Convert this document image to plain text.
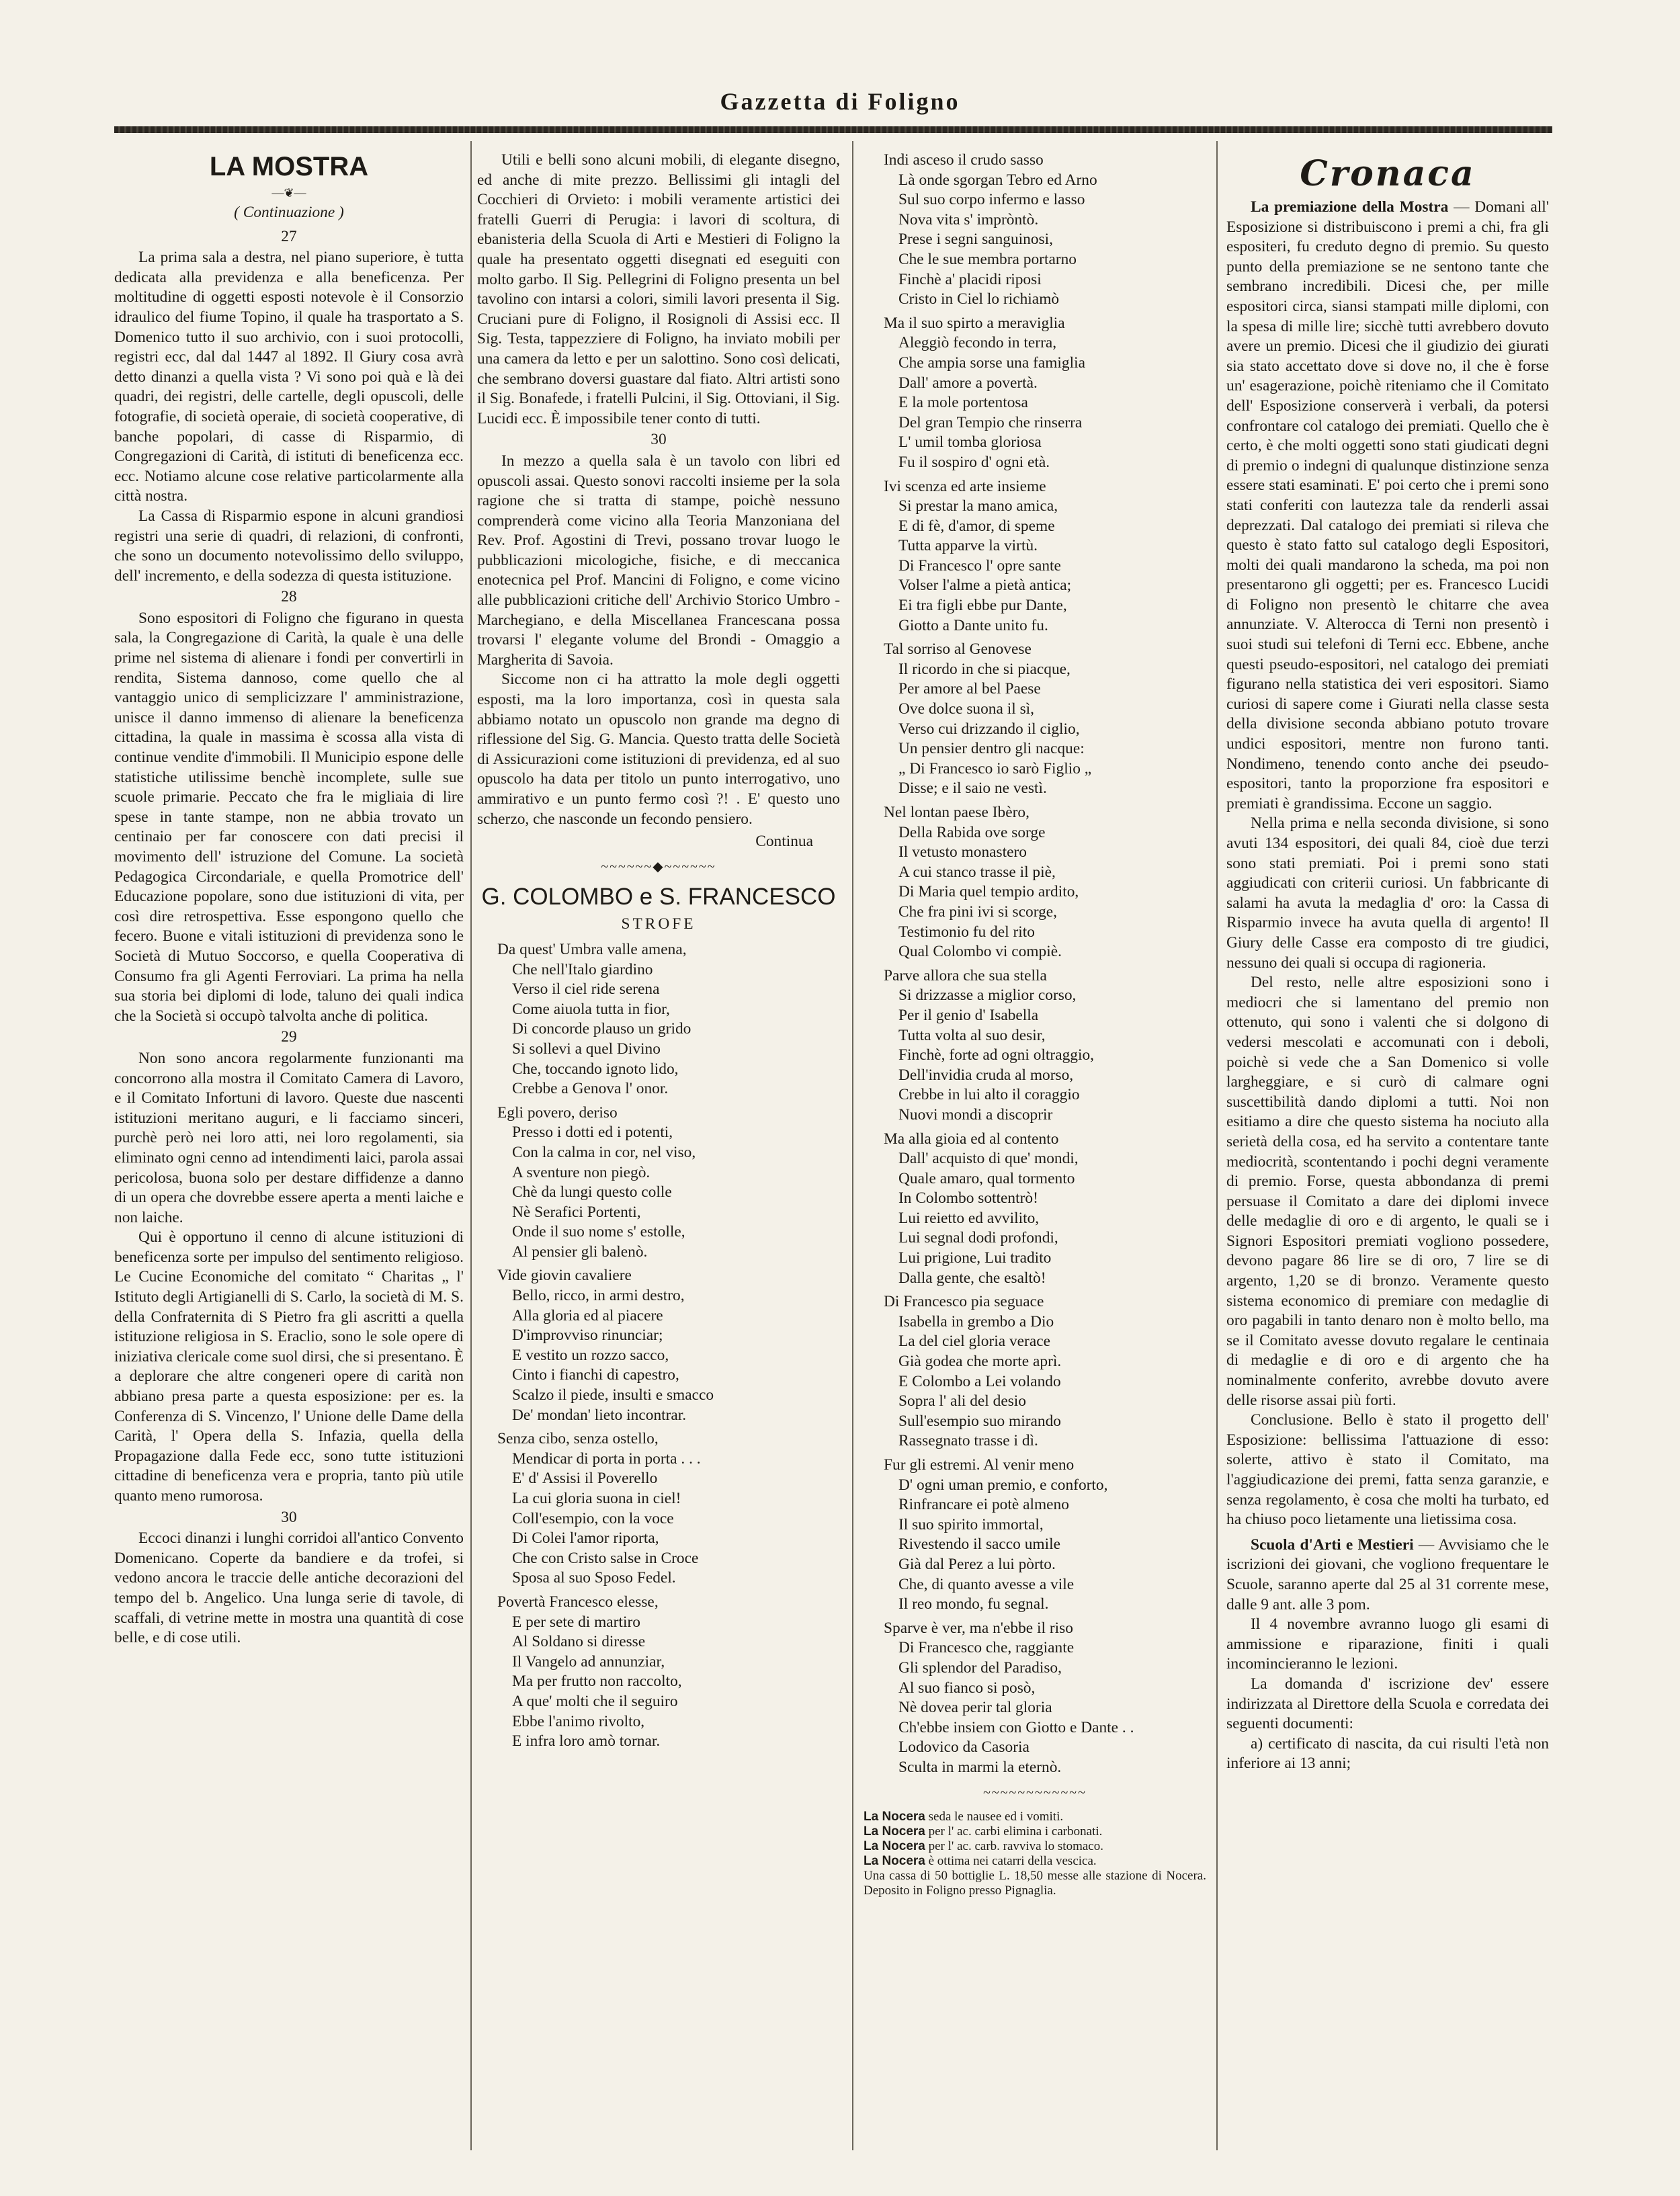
Gazzetta di Foligno
LA MOSTRA
—❦—
( Continuazione )
27

La prima sala a destra, nel piano superiore, è tutta dedicata alla previdenza e alla beneficenza. Per moltitudine di oggetti esposti notevole è il Consorzio idraulico del fiume Topino, il quale ha trasportato a S. Domenico tutto il suo archivio, con i suoi protocolli, registri ecc, dal dal 1447 al 1892. Il Giury cosa avrà detto dinanzi a quella vista ? Vi sono poi quà e là dei quadri, dei registri, delle cartelle, degli opuscoli, delle fotografie, di società operaie, di società cooperative, di banche popolari, di casse di Risparmio, di Congregazioni di Carità, di istituti di beneficenza ecc. ecc. Notiamo alcune cose relative particolarmente alla città nostra.

La Cassa di Risparmio espone in alcuni grandiosi registri una serie di quadri, di relazioni, di confronti, che sono un documento notevolissimo dello sviluppo, dell' incremento, e della sodezza di questa istituzione.

28

Sono espositori di Foligno che figurano in questa sala, la Congregazione di Carità, la quale è una delle prime nel sistema di alienare i fondi per convertirli in rendita, Sistema dannoso, come quello che al vantaggio unico di semplicizzare l' amministrazione, unisce il danno immenso di alienare la beneficenza cittadina, la quale in massima è scossa alla vista di continue vendite d'immobili. Il Municipio espone delle statistiche utilissime benchè incomplete, sulle sue scuole primarie. Peccato che fra le migliaia di lire spese in tante stampe, non ne abbia trovato un centinaio per far conoscere con dati precisi il movimento dell' istruzione del Comune. La società Pedagogica Circondariale, e quella Promotrice dell' Educazione popolare, sono due istituzioni di vita, per così dire retrospettiva. Esse espongono quello che fecero. Buone e vitali istituzioni di previdenza sono le Società di Mutuo Soccorso, e quella Cooperativa di Consumo fra gli Agenti Ferroviari. La prima ha nella sua storia bei diplomi di lode, taluno dei quali indica che la Società si occupò talvolta anche di politica.

29

Non sono ancora regolarmente funzionanti ma concorrono alla mostra il Comitato Camera di Lavoro, e il Comitato Infortuni di lavoro. Queste due nascenti istituzioni meritano auguri, e li facciamo sinceri, purchè però nei loro atti, nei loro regolamenti, sia eliminato ogni cenno ad intendimenti laici, parola assai pericolosa, buona solo per destare diffidenze a danno di un opera che dovrebbe essere aperta a menti laiche e non laiche.

Qui è opportuno il cenno di alcune istituzioni di beneficenza sorte per impulso del sentimento religioso. Le Cucine Economiche del comitato “ Charitas „ l' Istituto degli Artigianelli di S. Carlo, la società di M. S. della Confraternita di S Pietro fra gli ascritti a quella istituzione religiosa in S. Eraclio, sono le sole opere di iniziativa clericale come suol dirsi, che si presentano. È a deplorare che altre congeneri opere di carità non abbiano presa parte a questa esposizione: per es. la Conferenza di S. Vincenzo, l' Unione delle Dame della Carità, l' Opera della S. Infazia, quella della Propagazione dalla Fede ecc, sono tutte istituzioni cittadine di beneficenza vera e propria, tanto più utile quanto meno rumorosa.

30

Eccoci dinanzi i lunghi corridoi all'antico Convento Domenicano. Coperte da bandiere e da trofei, si vedono ancora le traccie delle antiche decorazioni del tempo del b. Angelico. Una lunga serie di tavole, di scaffali, di vetrine mette in mostra una quantità di cose belle, e di cose utili.

Utili e belli sono alcuni mobili, di elegante disegno, ed anche di mite prezzo. Bellissimi gli intagli del Cocchieri di Orvieto: i mobili veramente artistici dei fratelli Guerri di Perugia: i lavori di scoltura, di ebanisteria della Scuola di Arti e Mestieri di Foligno la quale ha presentato oggetti disegnati ed eseguiti con molto garbo. Il Sig. Pellegrini di Foligno presenta un bel tavolino con intarsi a colori, simili lavori presenta il Sig. Cruciani pure di Foligno, il Rosignoli di Assisi ecc. Il Sig. Testa, tappezziere di Foligno, ha inviato mobili per una camera da letto e per un salottino. Sono così delicati, che sembrano doversi guastare dal fiato. Altri artisti sono il Sig. Bonafede, i fratelli Pulcini, il Sig. Ottoviani, il Sig. Lucidi ecc. È impossibile tener conto di tutti.

30

In mezzo a quella sala è un tavolo con libri ed opuscoli assai. Questo sonovi raccolti insieme per la sola ragione che si tratta di stampe, poichè nessuno comprenderà come vicino alla Teoria Manzoniana del Rev. Prof. Agostini di Trevi, possano trovar luogo le pubblicazioni micologiche, fisiche, e di meccanica enotecnica pel Prof. Mancini di Foligno, e come vicino alle pubblicazioni critiche dell' Archivio Storico Umbro - Marchegiano, e della Miscellanea Francescana possa trovarsi l' elegante volume del Brondi - Omaggio a Margherita di Savoia.

Siccome non ci ha attratto la mole degli oggetti esposti, ma la loro importanza, così in questa sala abbiamo notato un opuscolo non grande ma degno di riflessione del Sig. G. Mancia. Questo tratta delle Società di Assicurazioni come istituzioni di previdenza, ed al suo opuscolo ha data per titolo un punto interrogativo, uno ammirativo e un punto fermo così ?! . E' questo uno scherzo, che nasconde un fecondo pensiero.

Continua
~~~~~~◆~~~~~~
G. COLOMBO e S. FRANCESCO
STROFE
Da quest' Umbra valle amena,
Che nell'Italo giardino
Verso il ciel ride serena
Come aiuola tutta in fior,
Di concorde plauso un grido
Si sollevi a quel Divino
Che, toccando ignoto lido,
Crebbe a Genova l' onor.
Egli povero, deriso
Presso i dotti ed i potenti,
Con la calma in cor, nel viso,
A sventure non piegò.
Chè da lungi questo colle
Nè Serafici Portenti,
Onde il suo nome s' estolle,
Al pensier gli balenò.
Vide giovin cavaliere
Bello, ricco, in armi destro,
Alla gloria ed al piacere
D'improvviso rinunciar;
E vestito un rozzo sacco,
Cinto i fianchi di capestro,
Scalzo il piede, insulti e smacco
De' mondan' lieto incontrar.
Senza cibo, senza ostello,
Mendicar di porta in porta . . .
E' d' Assisi il Poverello
La cui gloria suona in ciel!
Coll'esempio, con la voce
Di Colei l'amor riporta,
Che con Cristo salse in Croce
Sposa al suo Sposo Fedel.
Povertà Francesco elesse,
E per sete di martiro
Al Soldano si diresse
Il Vangelo ad annunziar,
Ma per frutto non raccolto,
A que' molti che il seguiro
Ebbe l'animo rivolto,
E infra loro amò tornar.
Indi asceso il crudo sasso
Là onde sgorgan Tebro ed Arno
Sul suo corpo infermo e lasso
Nova vita s' impròntò.
Prese i segni sanguinosi,
Che le sue membra portarno
Finchè a' placidi riposi
Cristo in Ciel lo richiamò
Ma il suo spirto a meraviglia
Aleggiò fecondo in terra,
Che ampia sorse una famiglia
Dall' amore a povertà.
E la mole portentosa
Del gran Tempio che rinserra
L' umil tomba gloriosa
Fu il sospiro d' ogni età.
Ivi scenza ed arte insieme
Si prestar la mano amica,
E di fè, d'amor, di speme
Tutta apparve la virtù.
Di Francesco l' opre sante
Volser l'alme a pietà antica;
Ei tra figli ebbe pur Dante,
Giotto a Dante unito fu.
Tal sorriso al Genovese
Il ricordo in che si piacque,
Per amore al bel Paese
Ove dolce suona il sì,
Verso cui drizzando il ciglio,
Un pensier dentro gli nacque:
„ Di Francesco io sarò Figlio „
Disse; e il saio ne vestì.
Nel lontan paese Ibèro,
Della Rabida ove sorge
Il vetusto monastero
A cui stanco trasse il piè,
Di Maria quel tempio ardito,
Che fra pini ivi si scorge,
Testimonio fu del rito
Qual Colombo vi compiè.
Parve allora che sua stella
Si drizzasse a miglior corso,
Per il genio d' Isabella
Tutta volta al suo desir,
Finchè, forte ad ogni oltraggio,
Dell'invidia cruda al morso,
Crebbe in lui alto il coraggio
Nuovi mondi a discoprir
Ma alla gioia ed al contento
Dall' acquisto di que' mondi,
Quale amaro, qual tormento
In Colombo sottentrò!
Lui reietto ed avvilito,
Lui segnal dodi profondi,
Lui prigione, Lui tradito
Dalla gente, che esaltò!
Di Francesco pia seguace
Isabella in grembo a Dio
La del ciel gloria verace
Già godea che morte aprì.
E Colombo a Lei volando
Sopra l' ali del desio
Sull'esempio suo mirando
Rassegnato trasse i dì.
Fur gli estremi. Al venir meno
D' ogni uman premio, e conforto,
Rinfrancare ei potè almeno
Il suo spirito immortal,
Rivestendo il sacco umile
Già dal Perez a lui pòrto.
Che, di quanto avesse a vile
Il reo mondo, fu segnal.
Sparve è ver, ma n'ebbe il riso
Di Francesco che, raggiante
Gli splendor del Paradiso,
Al suo fianco si posò,
Nè dovea perir tal gloria
Ch'ebbe insiem con Giotto e Dante . .
Lodovico da Casoria
Sculta in marmi la eternò.
~~~~~~~~~~~~
La Nocera seda le nausee ed i vomiti.
La Nocera per l' ac. carbi elimina i carbonati.
La Nocera per l' ac. carb. ravviva lo stomaco.
La Nocera è ottima nei catarri della vescica.
Una cassa di 50 bottiglie L. 18,50 messe alle stazione di Nocera. Deposito in Foligno presso Pignaglia.
Cronaca

La premiazione della Mostra — Domani all' Esposizione si distribuiscono i premi a chi, fra gli espositeri, fu creduto degno di premio. Su questo punto della premiazione se ne sentono tante che sembrano incredibili. Dicesi che, per mille espositori circa, siansi stampati mille diplomi, con la spesa di mille lire; sicchè tutti avrebbero dovuto avere un premio. Dicesi che il giudizio dei giurati sia stato accettato dove si dove no, il che è forse un' esagerazione, poichè riteniamo che il Comitato dell' Esposizione conserverà i verbali, da potersi confrontare col catalogo dei premiati. Quello che è certo, è che molti oggetti sono stati giudicati degni di premio o indegni di qualunque distinzione senza essere stati esaminati. E' poi certo che i premi sono stati conferiti con lautezza tale da renderli assai deprezzati. Dal catalogo dei premiati si rileva che questo è stato fatto sul catalogo degli Espositori, molti dei quali mandarono la scheda, ma poi non presentarono gli oggetti; per es. Francesco Lucidi di Foligno non presentò le chitarre che avea annunziate. V. Alterocca di Terni non presentò i suoi studi sui telefoni di Terni ecc. Ebbene, anche questi pseudo-espositori, nel catalogo dei premiati figurano nella statistica dei veri espositori. Siamo curiosi di sapere come i Giurati nella classe sesta della divisione seconda abbiano potuto trovare undici espositori, mentre non furono tanti. Nondimeno, tenendo conto anche dei pseudo-espositori, tanto la proporzione fra espositori e premiati è grandissima. Eccone un saggio.

Nella prima e nella seconda divisione, si sono avuti 134 espositori, dei quali 84, cioè due terzi sono stati premiati. Poi i premi sono stati aggiudicati con criterii curiosi. Un fabbricante di salami ha avuta la medaglia d' oro: la Cassa di Risparmio invece ha avuta quella di argento! Il Giury delle Casse era composto di tre giudici, nessuno dei quali si occupa di ragioneria.

Del resto, nelle altre esposizioni sono i mediocri che si lamentano del premio non ottenuto, qui sono i valenti che si dolgono di vedersi mescolati e accomunati con i deboli, poichè si vede che a San Domenico si volle largheggiare, e si curò di calmare ogni suscettibilità dando diplomi a tutti. Noi non esitiamo a dire che questo sistema ha nociuto alla serietà della cosa, ed ha servito a contentare tante mediocrità, scontentando i pochi degni veramente di premio. Forse, questa abbondanza di premi persuase il Comitato a dare dei diplomi invece delle medaglie di oro e di argento, le quali se i Signori Espositori premiati vogliono possedere, devono pagare 86 lire se di oro, 7 lire se di argento, 1,20 se di bronzo. Veramente questo sistema economico di premiare con medaglie di oro pagabili in tanto denaro non è molto bello, ma se il Comitato avesse dovuto regalare le centinaia di medaglie e di oro e di argento che ha nominalmente conferito, avrebbe dovuto avere delle risorse assai più forti.

Conclusione. Bello è stato il progetto dell' Esposizione: bellissima l'attuazione di esso: solerte, attivo è stato il Comitato, ma l'aggiudicazione dei premi, fatta senza garanzie, e senza regolamento, è cosa che molti ha turbato, ed ha chiuso poco lietamente una lietissima cosa.

Scuola d'Arti e Mestieri — Avvisiamo che le iscrizioni dei giovani, che vogliono frequentare le Scuole, saranno aperte dal 25 al 31 corrente mese, dalle 9 ant. alle 3 pom.

Il 4 novembre avranno luogo gli esami di ammissione e riparazione, finiti i quali incomincieranno le lezioni.

La domanda d' iscrizione dev' essere indirizzata al Direttore della Scuola e corredata dei seguenti documenti:

a) certificato di nascita, da cui risulti l'età non inferiore ai 13 anni;
